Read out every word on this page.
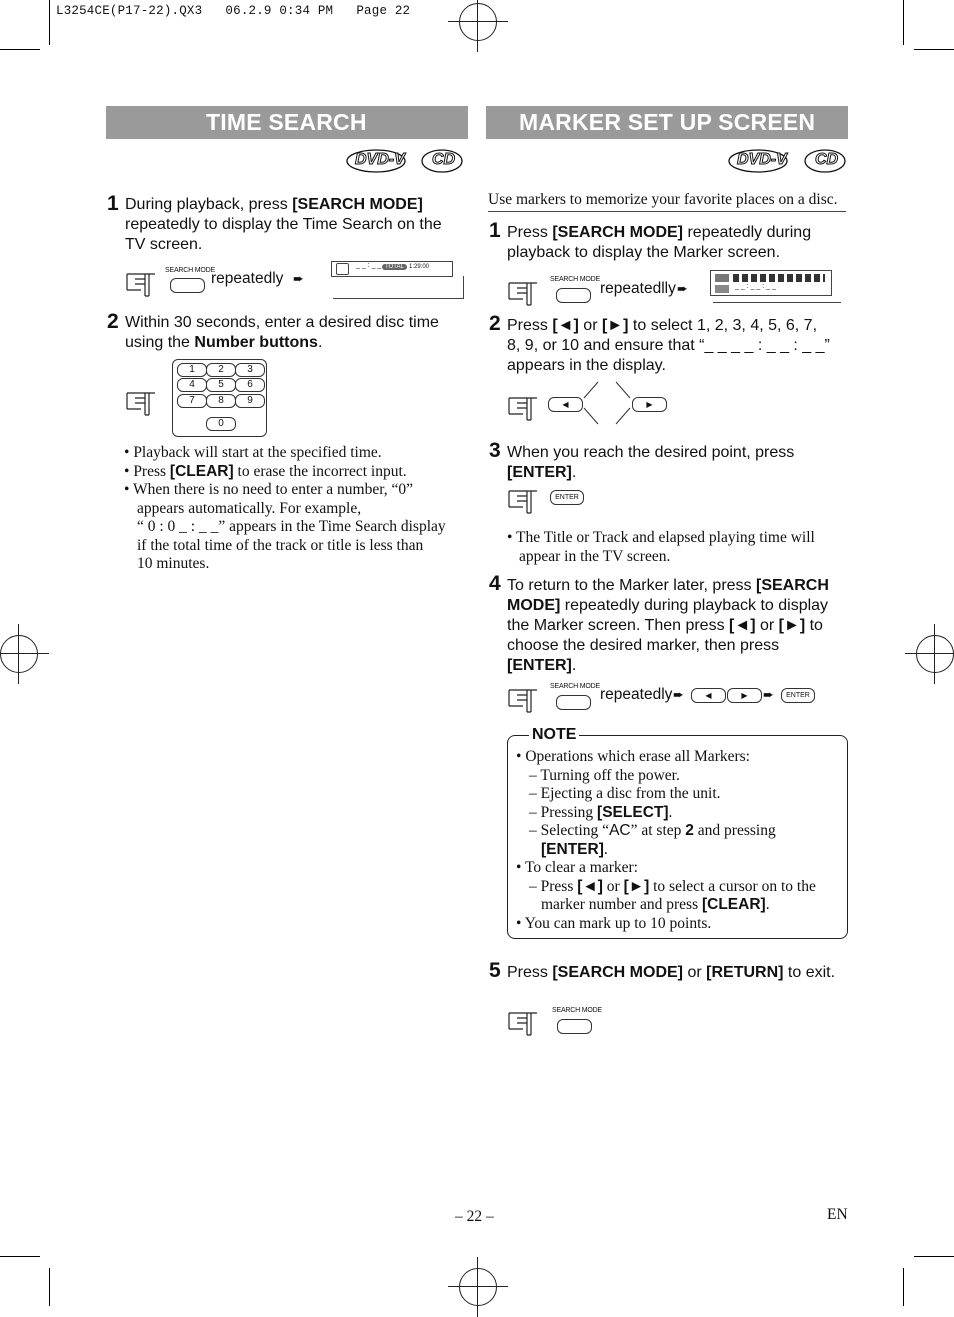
L3254CE(P17-22).QX3   06.2.9 0:34 PM   Page 22
TIME SEARCH
DVD-V CD
1 During playback, press [SEARCH MODE] repeatedly to display the Time Search on the TV screen.
SEARCH MODE
repeatedly ➨
_ _ : _ _ TOTAL 1:29:00
2 Within 30 seconds, enter a desired disc time using the Number buttons.
1	2	3
4	5	6
7	8	9
0
• Playback will start at the specified time.
• Press [CLEAR] to erase the incorrect input.
• When there is no need to enter a number, “0”
appears automatically. For example,
“ 0 : 0 _ : _ _” appears in the Time Search display
if the total time of the track or title is less than
10 minutes.
MARKER SET UP SCREEN
DVD-V CD
Use markers to memorize your favorite places on a disc.
1 Press [SEARCH MODE] repeatedly during playback to display the Marker screen.
SEARCH MODE
repeatedlly ➨	_ _ : _ _ : _ _
2 Press [◄] or [►] to select 1, 2, 3, 4, 5, 6, 7,
8, 9, or 10 and ensure that “_ _ _ _ : _ _ : _ _”
appears in the display.
◀	▶
3 When you reach the desired point, press [ENTER].
ENTER
• The Title or Track and elapsed playing time will
appear in the TV screen.
4 To return to the Marker later, press [SEARCH
MODE] repeatedly during playback to display
the Marker screen. Then press [◄] or [►] to
choose the desired marker, then press
[ENTER].
SEARCH MODE repeatedly ➨	◀	▶	➨	ENTER
NOTE
• Operations which erase all Markers:
– Turning off the power.
– Ejecting a disc from the unit.
– Pressing [SELECT].
– Selecting “AC” at step 2 and pressing
[ENTER].
• To clear a marker:
– Press [◄] or [►] to select a cursor on to the
marker number and press [CLEAR].
• You can mark up to 10 points.
5 Press [SEARCH MODE] or [RETURN] to exit.
SEARCH MODE
– 22 –	EN
